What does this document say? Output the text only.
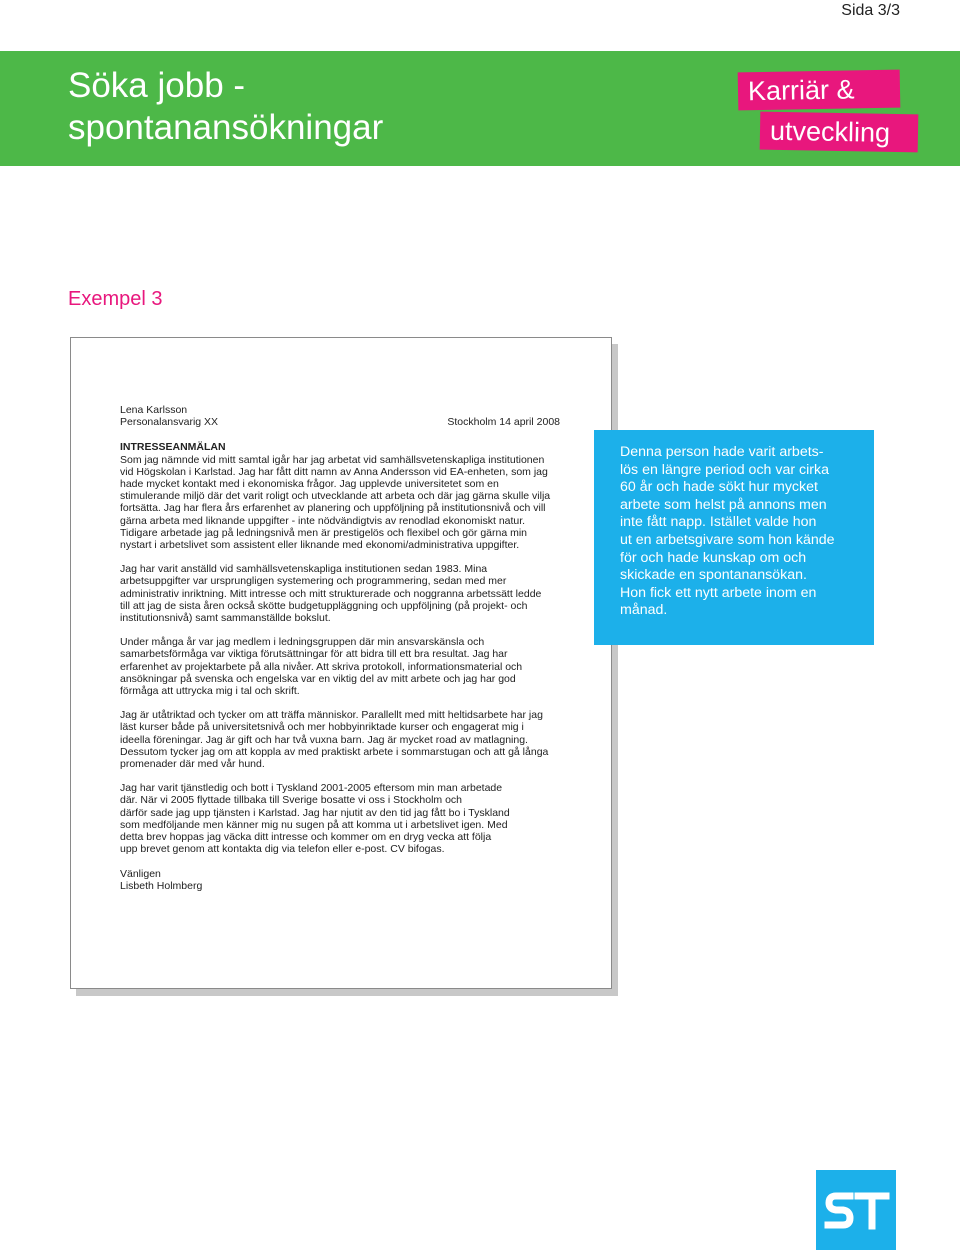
Sida 3/3
Söka jobb -
spontanansökningar
Karriär &
utveckling
Exempel 3
Lena Karlsson
Personalansvarig XX	Stockholm 14 april 2008
INTRESSEANMÄLAN

Som jag nämnde vid mitt samtal igår har jag arbetat vid samhällsvetenskapliga institutionen
vid Högskolan i Karlstad. Jag har fått ditt namn av Anna Andersson vid EA-enheten, som jag
hade mycket kontakt med i ekonomiska frågor. Jag upplevde universitetet som en
stimulerande miljö där det varit roligt och utvecklande att arbeta och där jag gärna skulle vilja
fortsätta. Jag har flera års erfarenhet av planering och uppföljning på institutionsnivå och vill
gärna arbeta med liknande uppgifter - inte nödvändigtvis av renodlad ekonomiskt natur.
Tidigare arbetade jag på ledningsnivå men är prestigelös och flexibel och gör gärna min
nystart i arbetslivet som assistent eller liknande med ekonomi/administrativa uppgifter.

Jag har varit anställd vid samhällsvetenskapliga institutionen sedan 1983. Mina
arbetsuppgifter var ursprungligen systemering och programmering, sedan med mer
administrativ inriktning. Mitt intresse och mitt strukturerade och noggranna arbetssätt ledde
till att jag de sista åren också skötte budgetuppläggning och uppföljning (på projekt- och
institutionsnivå) samt sammanställde bokslut.

Under många år var jag medlem i ledningsgruppen där min ansvarskänsla och
samarbetsförmåga var viktiga förutsättningar för att bidra till ett bra resultat. Jag har
erfarenhet av projektarbete på alla nivåer. Att skriva protokoll, informationsmaterial och
ansökningar på svenska och engelska var en viktig del av mitt arbete och jag har god
förmåga att uttrycka mig i tal och skrift.

Jag är utåtriktad och tycker om att träffa människor. Parallellt med mitt heltidsarbete har jag
läst kurser både på universitetsnivå och mer hobbyinriktade kurser och engagerat mig i
ideella föreningar. Jag är gift och har två vuxna barn. Jag är mycket road av matlagning.
Dessutom tycker jag om att koppla av med praktiskt arbete i sommarstugan och att gå långa
promenader där med vår hund.

Jag har varit tjänstledig och bott i Tyskland 2001-2005 eftersom min man arbetade
där. När vi 2005 flyttade tillbaka till Sverige bosatte vi oss i Stockholm och
därför sade jag upp tjänsten i Karlstad. Jag har njutit av den tid jag fått bo i Tyskland
som medföljande men känner mig nu sugen på att komma ut i arbetslivet igen. Med
detta brev hoppas jag väcka ditt intresse och kommer om en dryg vecka att följa
upp brevet genom att kontakta dig via telefon eller e-post. CV bifogas.

Vänligen
Lisbeth Holmberg
Denna person hade varit arbets-
lös en längre period och var cirka
60 år och hade sökt hur mycket
arbete som helst på annons men
inte fått napp. Istället valde hon
ut en arbetsgivare som hon kände
för och hade kunskap om och
skickade en spontanansökan.
Hon fick ett nytt arbete inom en
månad.
